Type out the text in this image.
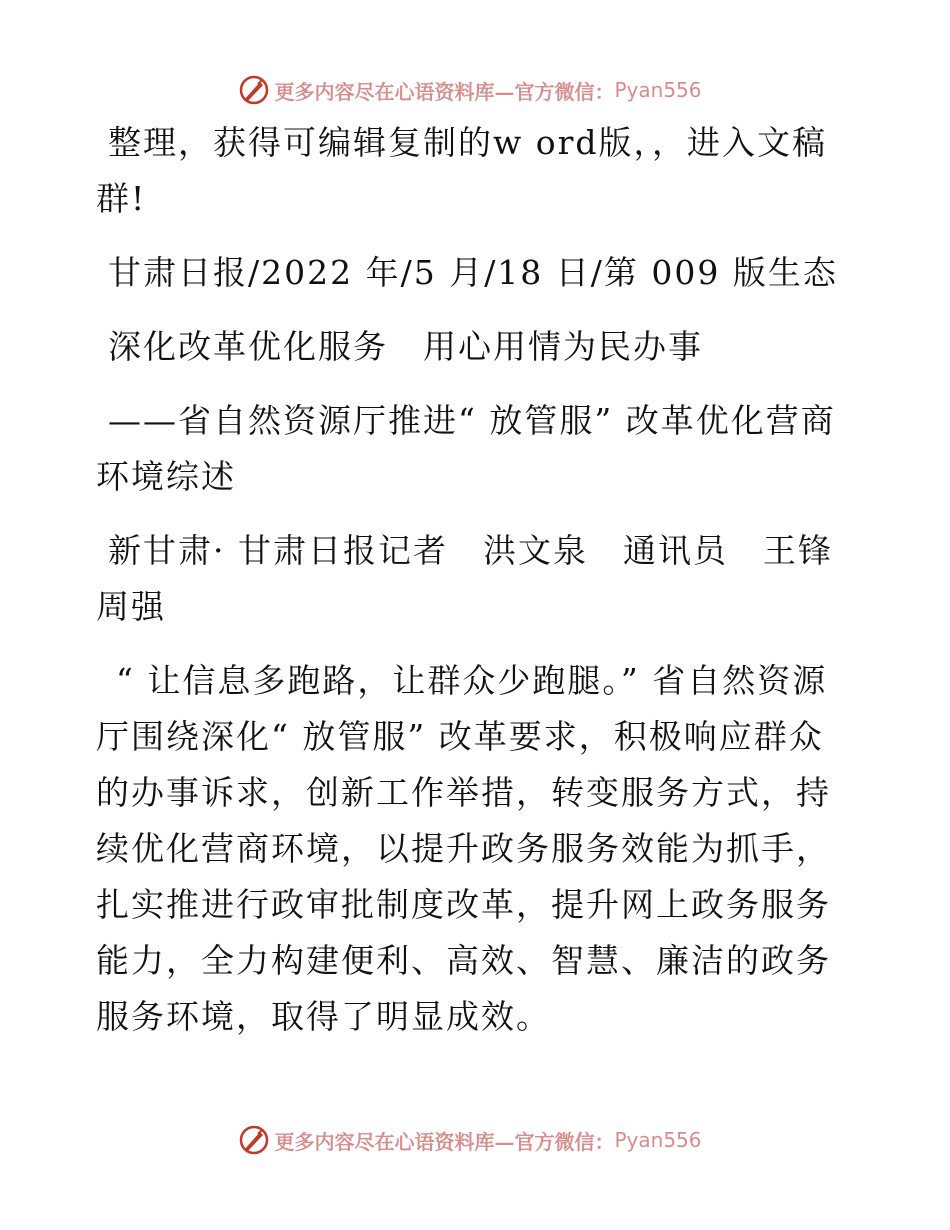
更多内容尽在心语资料库—官方微信： Pyan556

整理，获得可编辑复制的w ord版，，进入文稿群!

甘肃日报/2022 年/5 月/18 日/第 009 版生态

深化改革优化服务　用心用情为民办事

——省自然资源厅推进“ 放管服” 改革优化营商环境综述

新甘肃· 甘肃日报记者　洪文泉　通讯员　王锋　周强

“ 让信息多跑路，让群众少跑腿。” 省自然资源厅围绕深化“ 放管服” 改革要求，积极响应群众的办事诉求，创新工作举措，转变服务方式，持续优化营商环境，以提升政务服务效能为抓手，扎实推进行政审批制度改革，提升网上政务服务能力，全力构建便利、高效、智慧、廉洁的政务服务环境，取得了明显成效。

更多内容尽在心语资料库—官方微信： Pyan556
